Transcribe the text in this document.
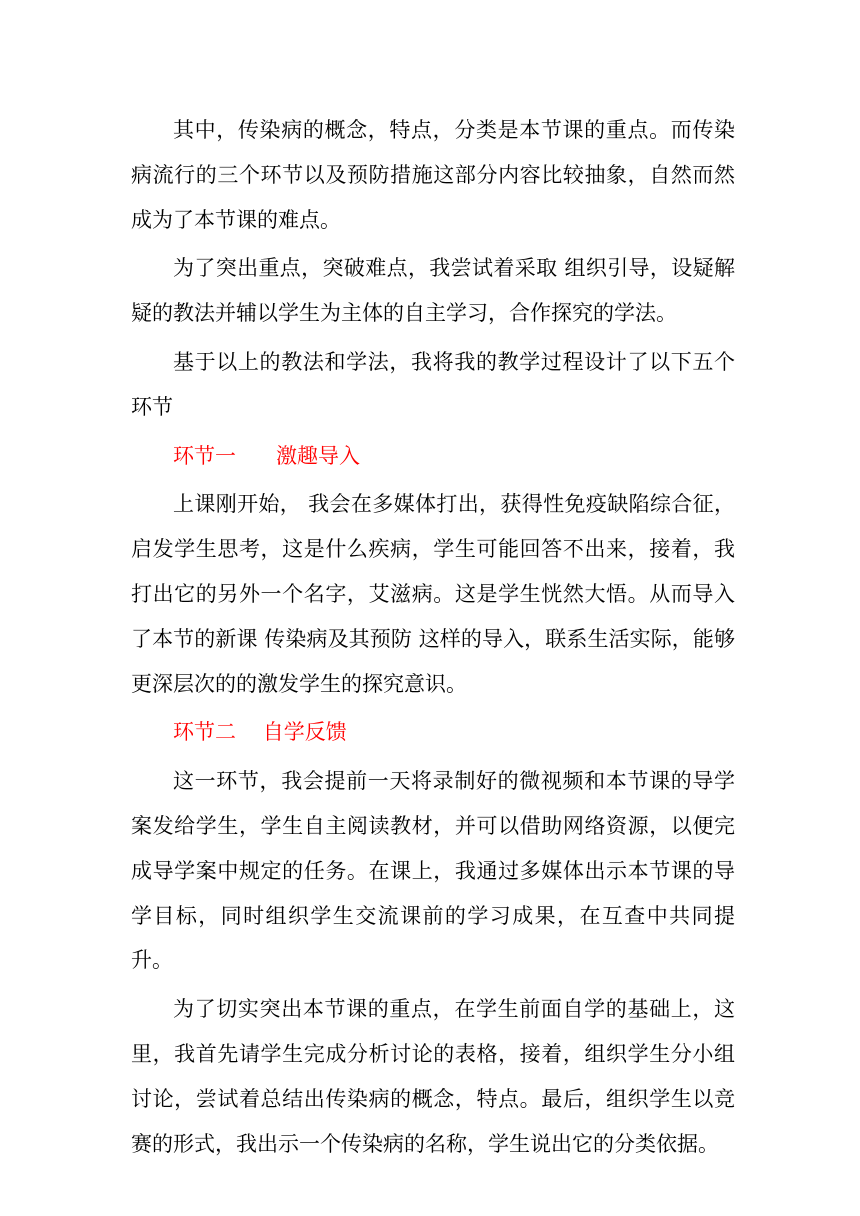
其中，传染病的概念，特点，分类是本节课的重点。而传染病流行的三个环节以及预防措施这部分内容比较抽象，自然而然成为了本节课的难点。

为了突出重点，突破难点，我尝试着采取 组织引导，设疑解疑的教法并辅以学生为主体的自主学习，合作探究的学法。

基于以上的教法和学法，我将我的教学过程设计了以下五个环节

环节一      激趣导入

上课刚开始， 我会在多媒体打出，获得性免疫缺陷综合征，启发学生思考，这是什么疾病，学生可能回答不出来，接着，我打出它的另外一个名字，艾滋病。这是学生恍然大悟。从而导入了本节的新课 传染病及其预防 这样的导入，联系生活实际，能够更深层次的的激发学生的探究意识。

环节二    自学反馈

这一环节，我会提前一天将录制好的微视频和本节课的导学案发给学生，学生自主阅读教材，并可以借助网络资源，以便完成导学案中规定的任务。在课上，我通过多媒体出示本节课的导学目标，同时组织学生交流课前的学习成果，在互查中共同提升。

为了切实突出本节课的重点，在学生前面自学的基础上，这里，我首先请学生完成分析讨论的表格，接着，组织学生分小组讨论，尝试着总结出传染病的概念，特点。最后，组织学生以竞赛的形式，我出示一个传染病的名称，学生说出它的分类依据。
